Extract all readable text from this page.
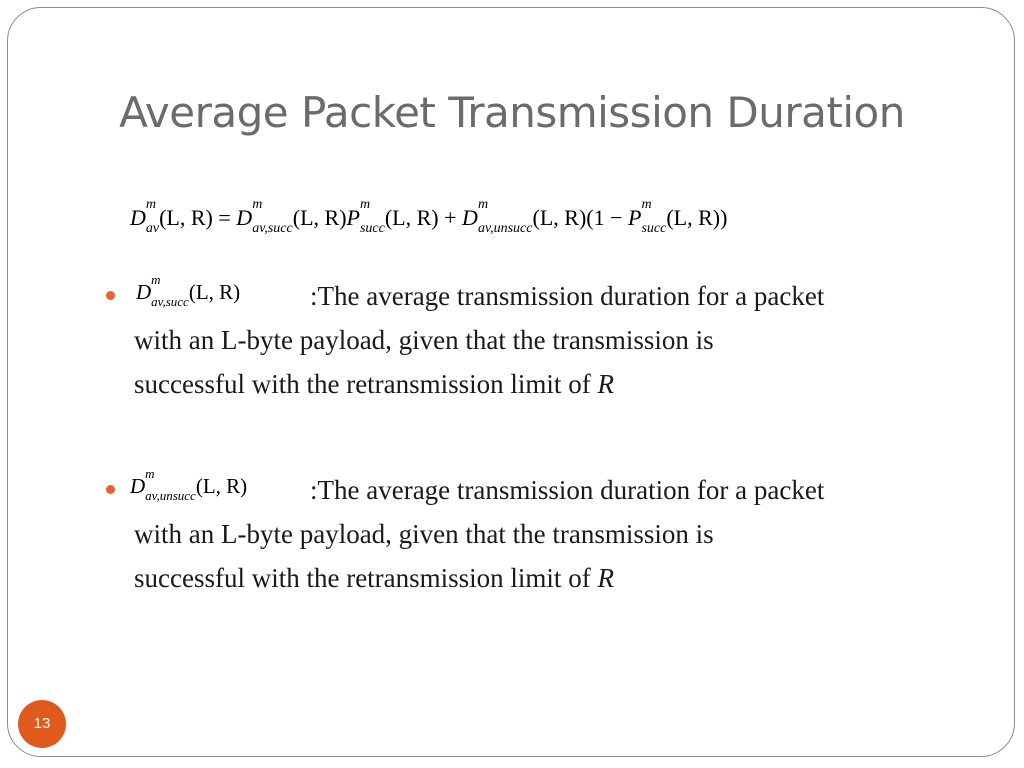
Average Packet Transmission Duration
D
m
av(L, R) = D
m
av,succ(L, R)P
m
succ(L, R) + D
m
av,unsucc(L, R)(1 − P
m
succ(L, R))
D
m
av,succ(L, R)	:The average transmission duration for a packet
with an L-byte payload, given that the transmission is
successful with the retransmission limit of R
D
m
av,unsucc(L, R)	:The average transmission duration for a packet
with an L-byte payload, given that the transmission is
successful with the retransmission limit of R
13
